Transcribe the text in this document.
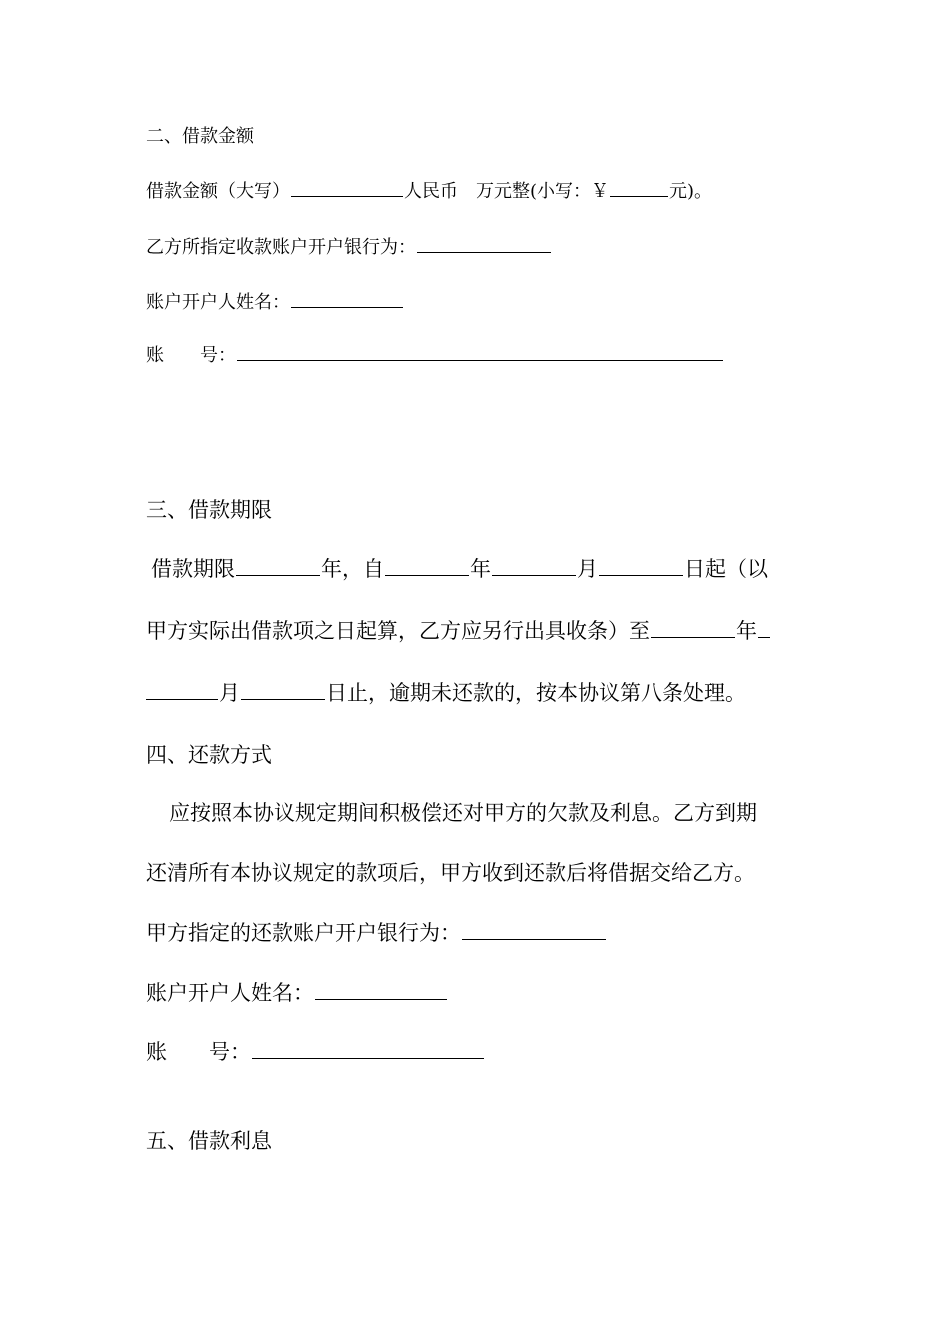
二、借款金额
借款金额（大写）	人民币　万元整(小写：￥	元)。
乙方所指定收款账户开户银行为：
账户开户人姓名：
账　　号：
三、借款期限
借款期限	年，自	年	月	日起（以
甲方实际出借款项之日起算，乙方应另行出具收条）至	年
月	日止，逾期未还款的，按本协议第八条处理。
四、还款方式
应按照本协议规定期间积极偿还对甲方的欠款及利息。乙方到期
还清所有本协议规定的款项后，甲方收到还款后将借据交给乙方。
甲方指定的还款账户开户银行为：
账户开户人姓名：
账　　号：
五、借款利息
